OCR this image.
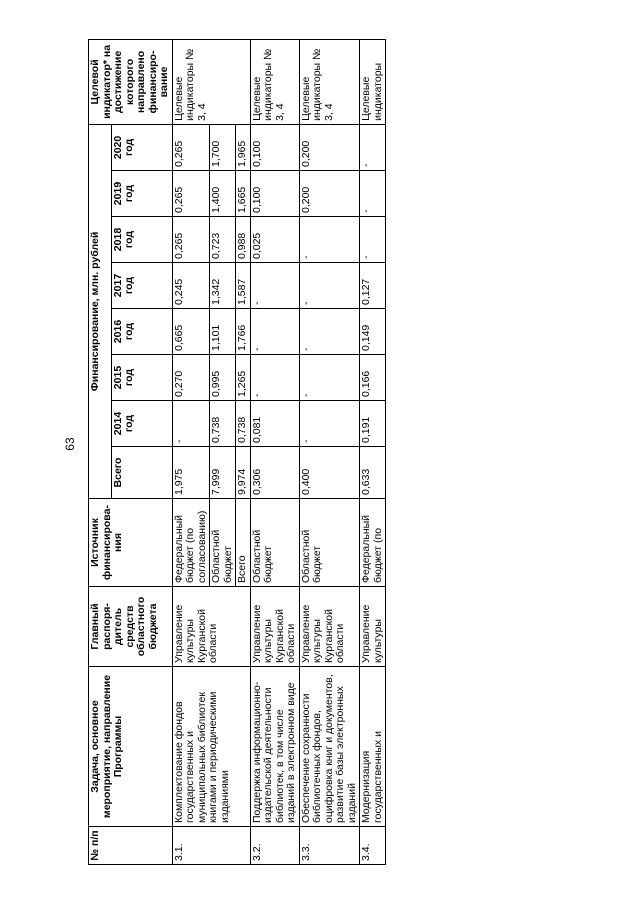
63
№ п/п	Задача, основное мероприятие, направление Программы	Главный распоря-дитель средств областного бюджета	Источник финансирова-ния	Финансирование, млн. рублей								Целевой индикатор* на достижение которого направлено финансиро-вание
				Всего	2014 год	2015 год	2016 год	2017 год	2018 год	2019 год	2020 год	
3.1.	Комплектование фондов государственных и муниципальных библиотек книгами и периодическими изданиями	Управление культуры Курганской области	Федеральный бюджет (по согласованию)	1,975	-	0,270	0,665	0,245	0,265	0,265	0,265	Целевые индикаторы № 3, 4
			Областной бюджет	7,999	0,738	0,995	1,101	1,342	0,723	1,400	1,700	
			Всего	9,974	0,738	1,265	1,766	1,587	0,988	1,665	1,965	
3.2.	Поддержка информационно-издательской деятельности библиотек, в том числе изданий в электронном виде	Управление культуры Курганской области	Областной бюджет	0,306	0,081	-	-	-	0,025	0,100	0,100	Целевые индикаторы № 3, 4
3.3.	Обеспечение сохранности библиотечных фондов, оцифровка книг и документов, развитие базы электронных изданий	Управление культуры Курганской области	Областной бюджет	0,400	-	-	-	-	-	0,200	0,200	Целевые индикаторы № 3, 4
3.4.	Модернизация государственных и	Управление культуры	Федеральный бюджет (по	0,633	0,191	0,166	0,149	0,127	-	-	-	Целевые индикаторы
